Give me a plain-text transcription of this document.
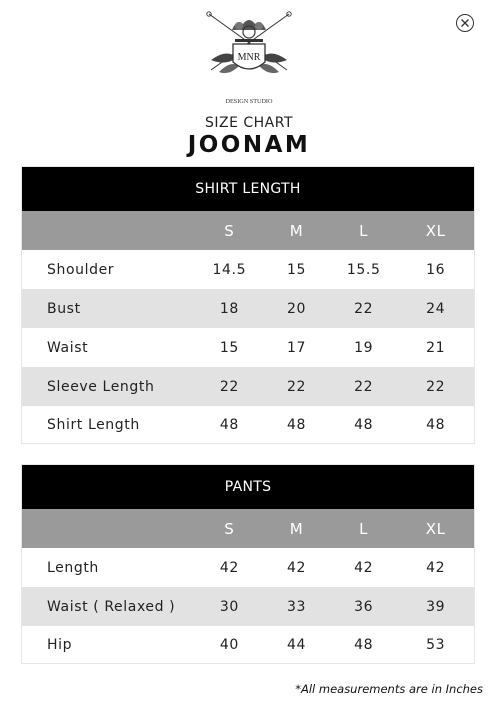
MNR
DESIGN STUDIO
SIZE CHART
JOONAM
SHIRT LENGTH
S	M	L	XL
Shoulder	14.5	15	15.5	16
Bust	18	20	22	24
Waist	15	17	19	21
Sleeve Length	22	22	22	22
Shirt Length	48	48	48	48
PANTS
S	M	L	XL
Length	42	42	42	42
Waist ( Relaxed )	30	33	36	39
Hip	40	44	48	53
*All measurements are in Inches
